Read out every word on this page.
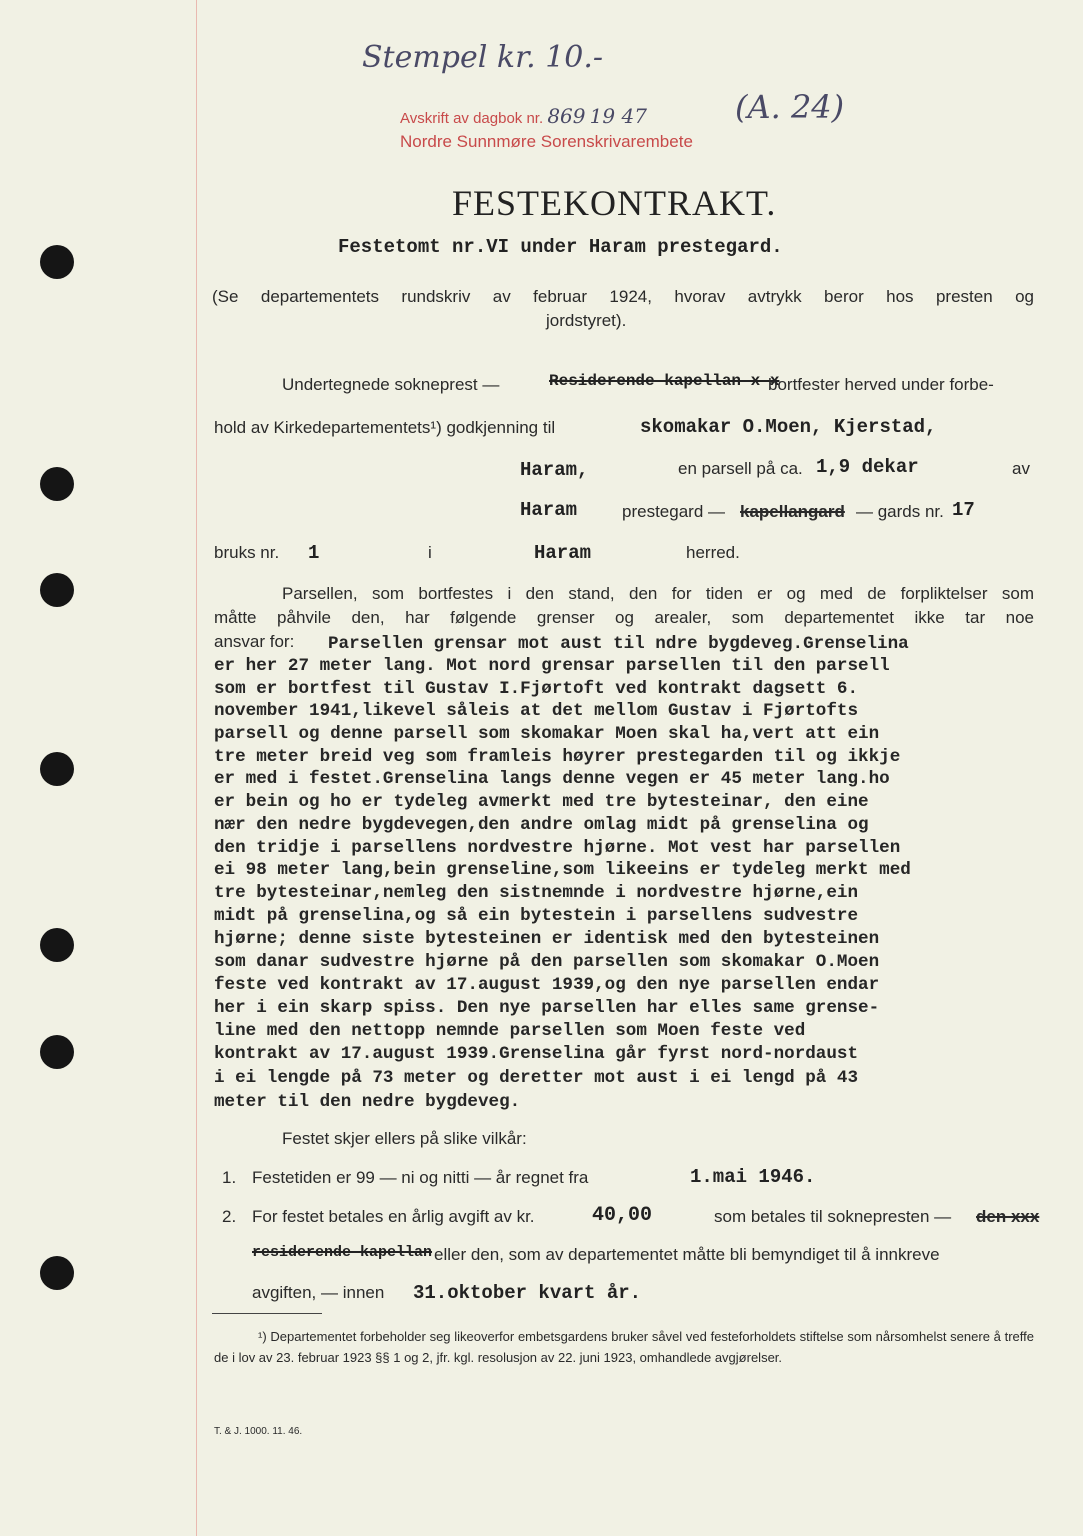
Stempel kr. 10.-
(A. 24)
Avskrift av dagbok nr. 869 19 47
Nordre Sunnmøre Sorenskrivarembete
FESTEKONTRAKT.
Festetomt nr.VI under Haram prestegard.
(Se departementets rundskriv av februar 1924, hvorav avtrykk beror hos presten og
jordstyret).
Undertegnede sokneprest —	Residerende kapellan x x
bortfester herved under forbe-
hold av Kirkedepartementets¹) godkjenning til	skomakar O.Moen, Kjerstad,
Haram,	en parsell på ca. 1,9 dekar	av
Haram	prestegard — kapellangard — gards nr. 17
bruks nr. 1	i	Haram	herred.
Parsellen, som bortfestes i den stand, den for tiden er og med de forpliktelser som
måtte påhvile den, har følgende grenser og arealer, som departementet ikke tar noe
ansvar for: Parsellen grensar mot aust til ndre bygdeveg.Grenselina
er her 27 meter lang. Mot nord grensar parsellen til den parsell
som er bortfest til Gustav I.Fjørtoft ved kontrakt dagsett 6.
november 1941,likevel såleis at det mellom Gustav i Fjørtofts
parsell og denne parsell som skomakar Moen skal ha,vert att ein
tre meter breid veg som framleis høyrer prestegarden til og ikkje
er med i festet.Grenselina langs denne vegen er 45 meter lang.ho
er bein og ho er tydeleg avmerkt med tre bytesteinar, den eine
nær den nedre bygdevegen,den andre omlag midt på grenselina og
den tridje i parsellens nordvestre hjørne. Mot vest har parsellen
ei 98 meter lang,bein grenseline,som likeeins er tydeleg merkt med
tre bytesteinar,nemleg den sistnemnde i nordvestre hjørne,ein
midt på grenselina,og så ein bytestein i parsellens sudvestre
hjørne; denne siste bytesteinen er identisk med den bytesteinen
som danar sudvestre hjørne på den parsellen som skomakar O.Moen
feste ved kontrakt av 17.august 1939,og den nye parsellen endar
her i ein skarp spiss. Den nye parsellen har elles same grense-
line med den nettopp nemnde parsellen som Moen feste ved
kontrakt av 17.august 1939.Grenselina går fyrst nord-nordaust
i ei lengde på 73 meter og deretter mot aust i ei lengd på 43
meter til den nedre bygdeveg.
Festet skjer ellers på slike vilkår:
1. Festetiden er 99 — ni og nitti — år regnet fra	1.mai 1946.
2. For festet betales en årlig avgift av kr.	40,00	som betales til soknepresten — den xxx
residerende kapellan eller den, som av departementet måtte bli bemyndiget til å innkreve
avgiften, — innen 31.oktober kvart år.
¹) Departementet forbeholder seg likeoverfor embetsgardens bruker såvel ved festeforholdets stiftelse som nårsomhelst senere å treffe de i lov av 23. februar 1923 §§ 1 og 2, jfr. kgl. resolusjon av 22. juni 1923, omhandlede avgjørelser.
T. & J. 1000. 11. 46.
